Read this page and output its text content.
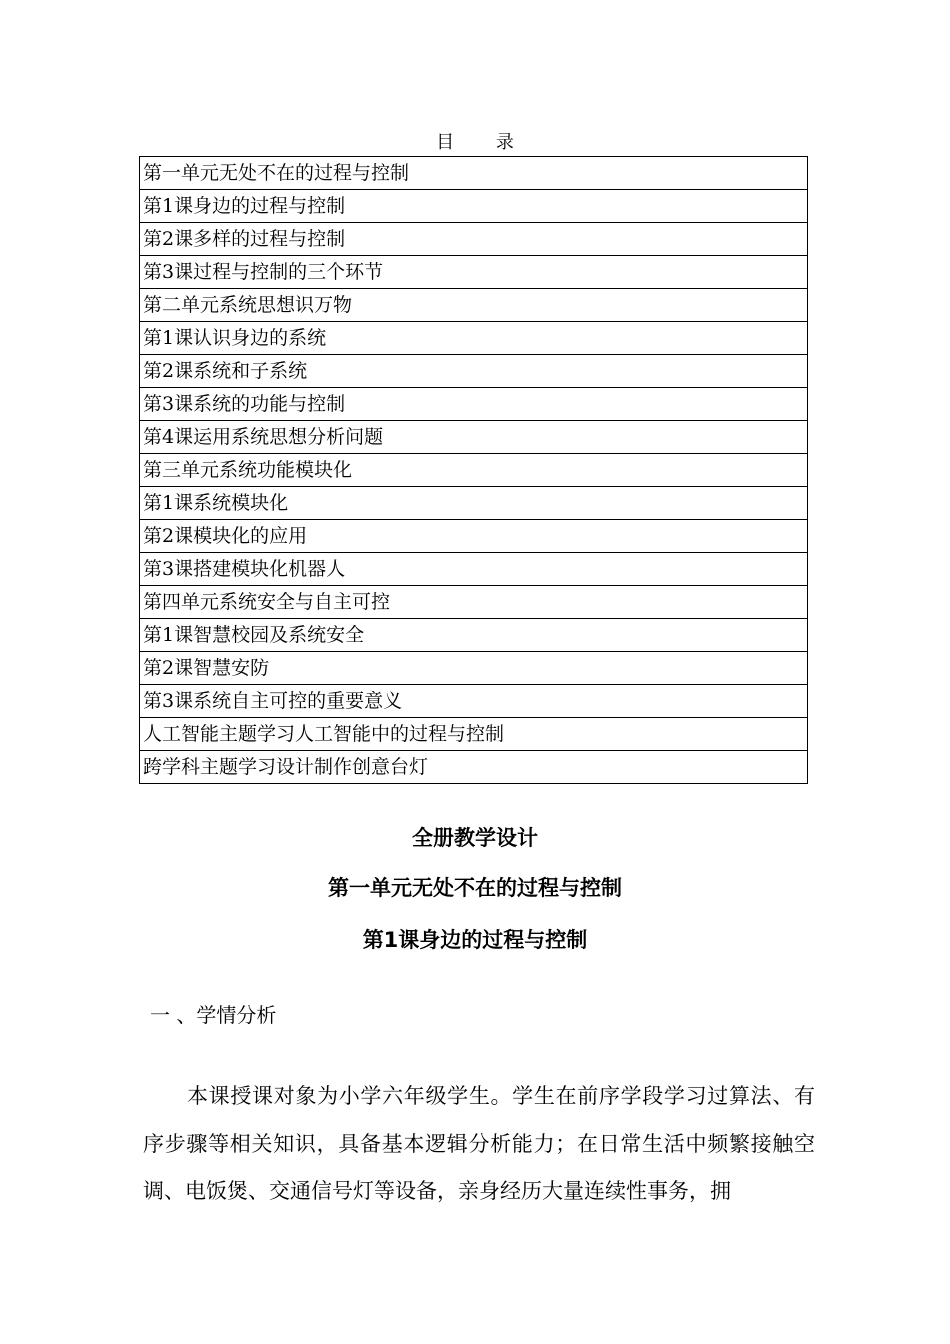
目 录
第一单元无处不在的过程与控制
第1课身边的过程与控制
第2课多样的过程与控制
第3课过程与控制的三个环节
第二单元系统思想识万物
第1课认识身边的系统
第2课系统和子系统
第3课系统的功能与控制
第4课运用系统思想分析问题
第三单元系统功能模块化
第1课系统模块化
第2课模块化的应用
第3课搭建模块化机器人
第四单元系统安全与自主可控
第1课智慧校园及系统安全
第2课智慧安防
第3课系统自主可控的重要意义
人工智能主题学习人工智能中的过程与控制
跨学科主题学习设计制作创意台灯
全册教学设计
第一单元无处不在的过程与控制
第1课身边的过程与控制
一 、学情分析

本课授课对象为小学六年级学生。学生在前序学段学习过算法、有序步骤等相关知识，具备基本逻辑分析能力；在日常生活中频繁接触空调、电饭煲、交通信号灯等设备，亲身经历大量连续性事务，拥
